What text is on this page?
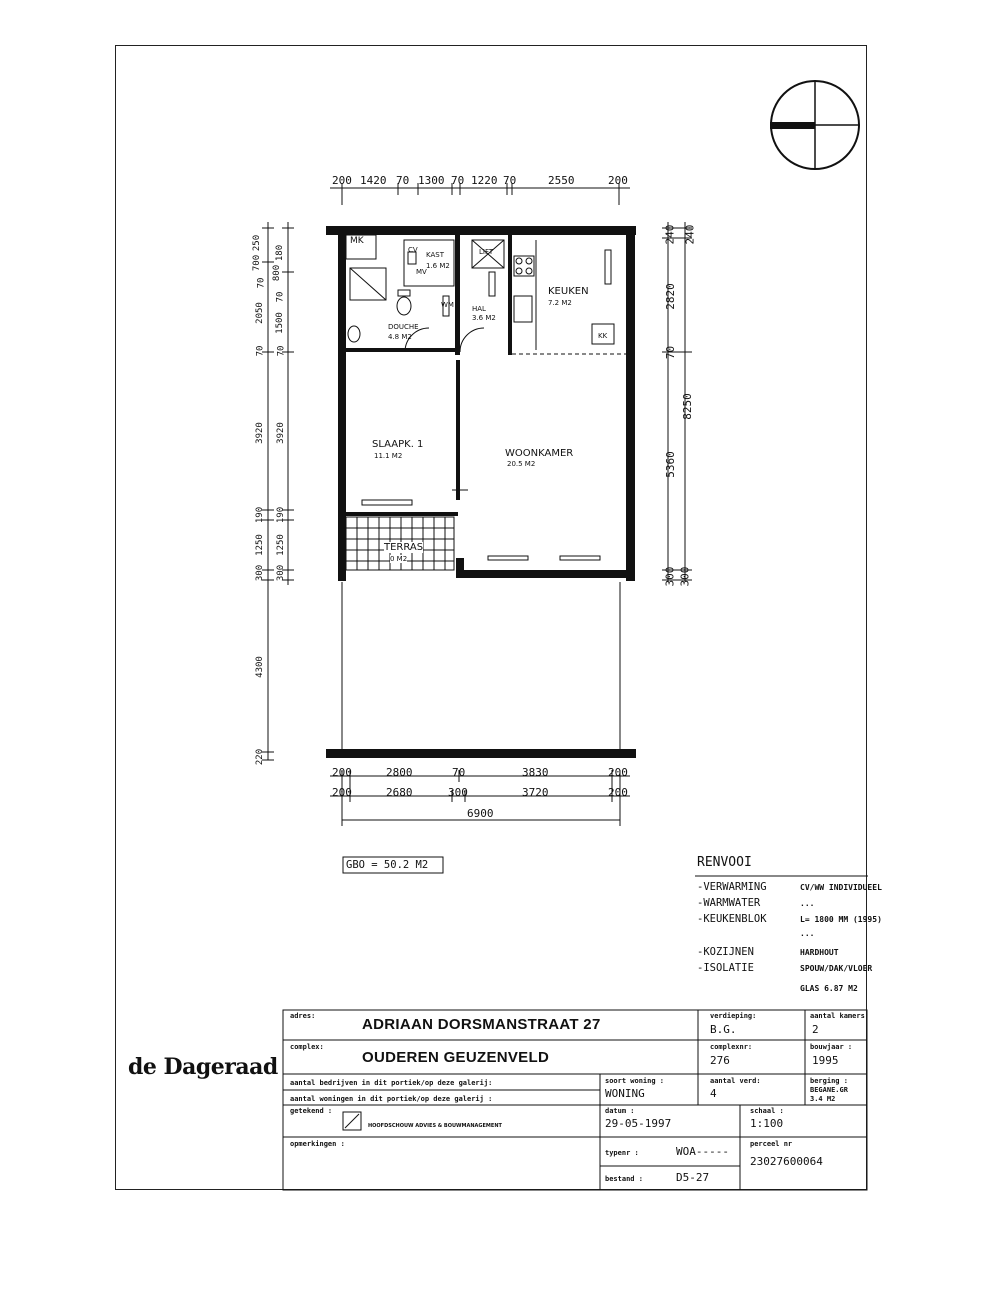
200 1420 70 1300 70 1220 70	2550	200
250
700
70
800
180
2050
70
1500
70 70
3920 3920
190 190
1250 1250
300 300
4300
220
240 240
2820
70
8250
5360
300 300
200	2800	70	3830	200
200	2680	300	3720	200
6900
MK
KAST
1.6 M2
MV
CV	LIFT
WM
DOUCHE
4.8 M2
HAL
3.6 M2
KEUKEN
7.2 M2
KK
SLAAPK. 1
11.1 M2	WOONKAMER
20.5 M2
TERRAS
0 M2
GBO = 50.2 M2	RENVOOI
-VERWARMING	CV/WW INDIVIDUEEL
-WARMWATER	...
-KEUKENBLOK	L= 1800 MM (1995)
...
-KOZIJNEN	HARDHOUT
-ISOLATIE	SPOUW/DAK/VLOER
GLAS 6.87 M2
de Dageraad
adres:	ADRIAAN DORSMANSTRAAT 27	verdieping:
B.G.
aantal kamers:
2
complex:
OUDEREN GEUZENVELD
complexnr:
276
bouwjaar :
1995
aantal bedrijven in dit portiek/op deze galerij:
aantal woningen in dit portiek/op deze galerij :
soort woning :
WONING
aantal verd:
4
berging :
BEGANE.GR
3.4 M2
getekend :
HOOFDSCHOUW ADVIES & BOUWMANAGEMENT
datum :
29-05-1997
schaal :
1:100
opmerkingen :
typenr :	WOA-----
perceel nr
23027600064
bestand :	D5-27
